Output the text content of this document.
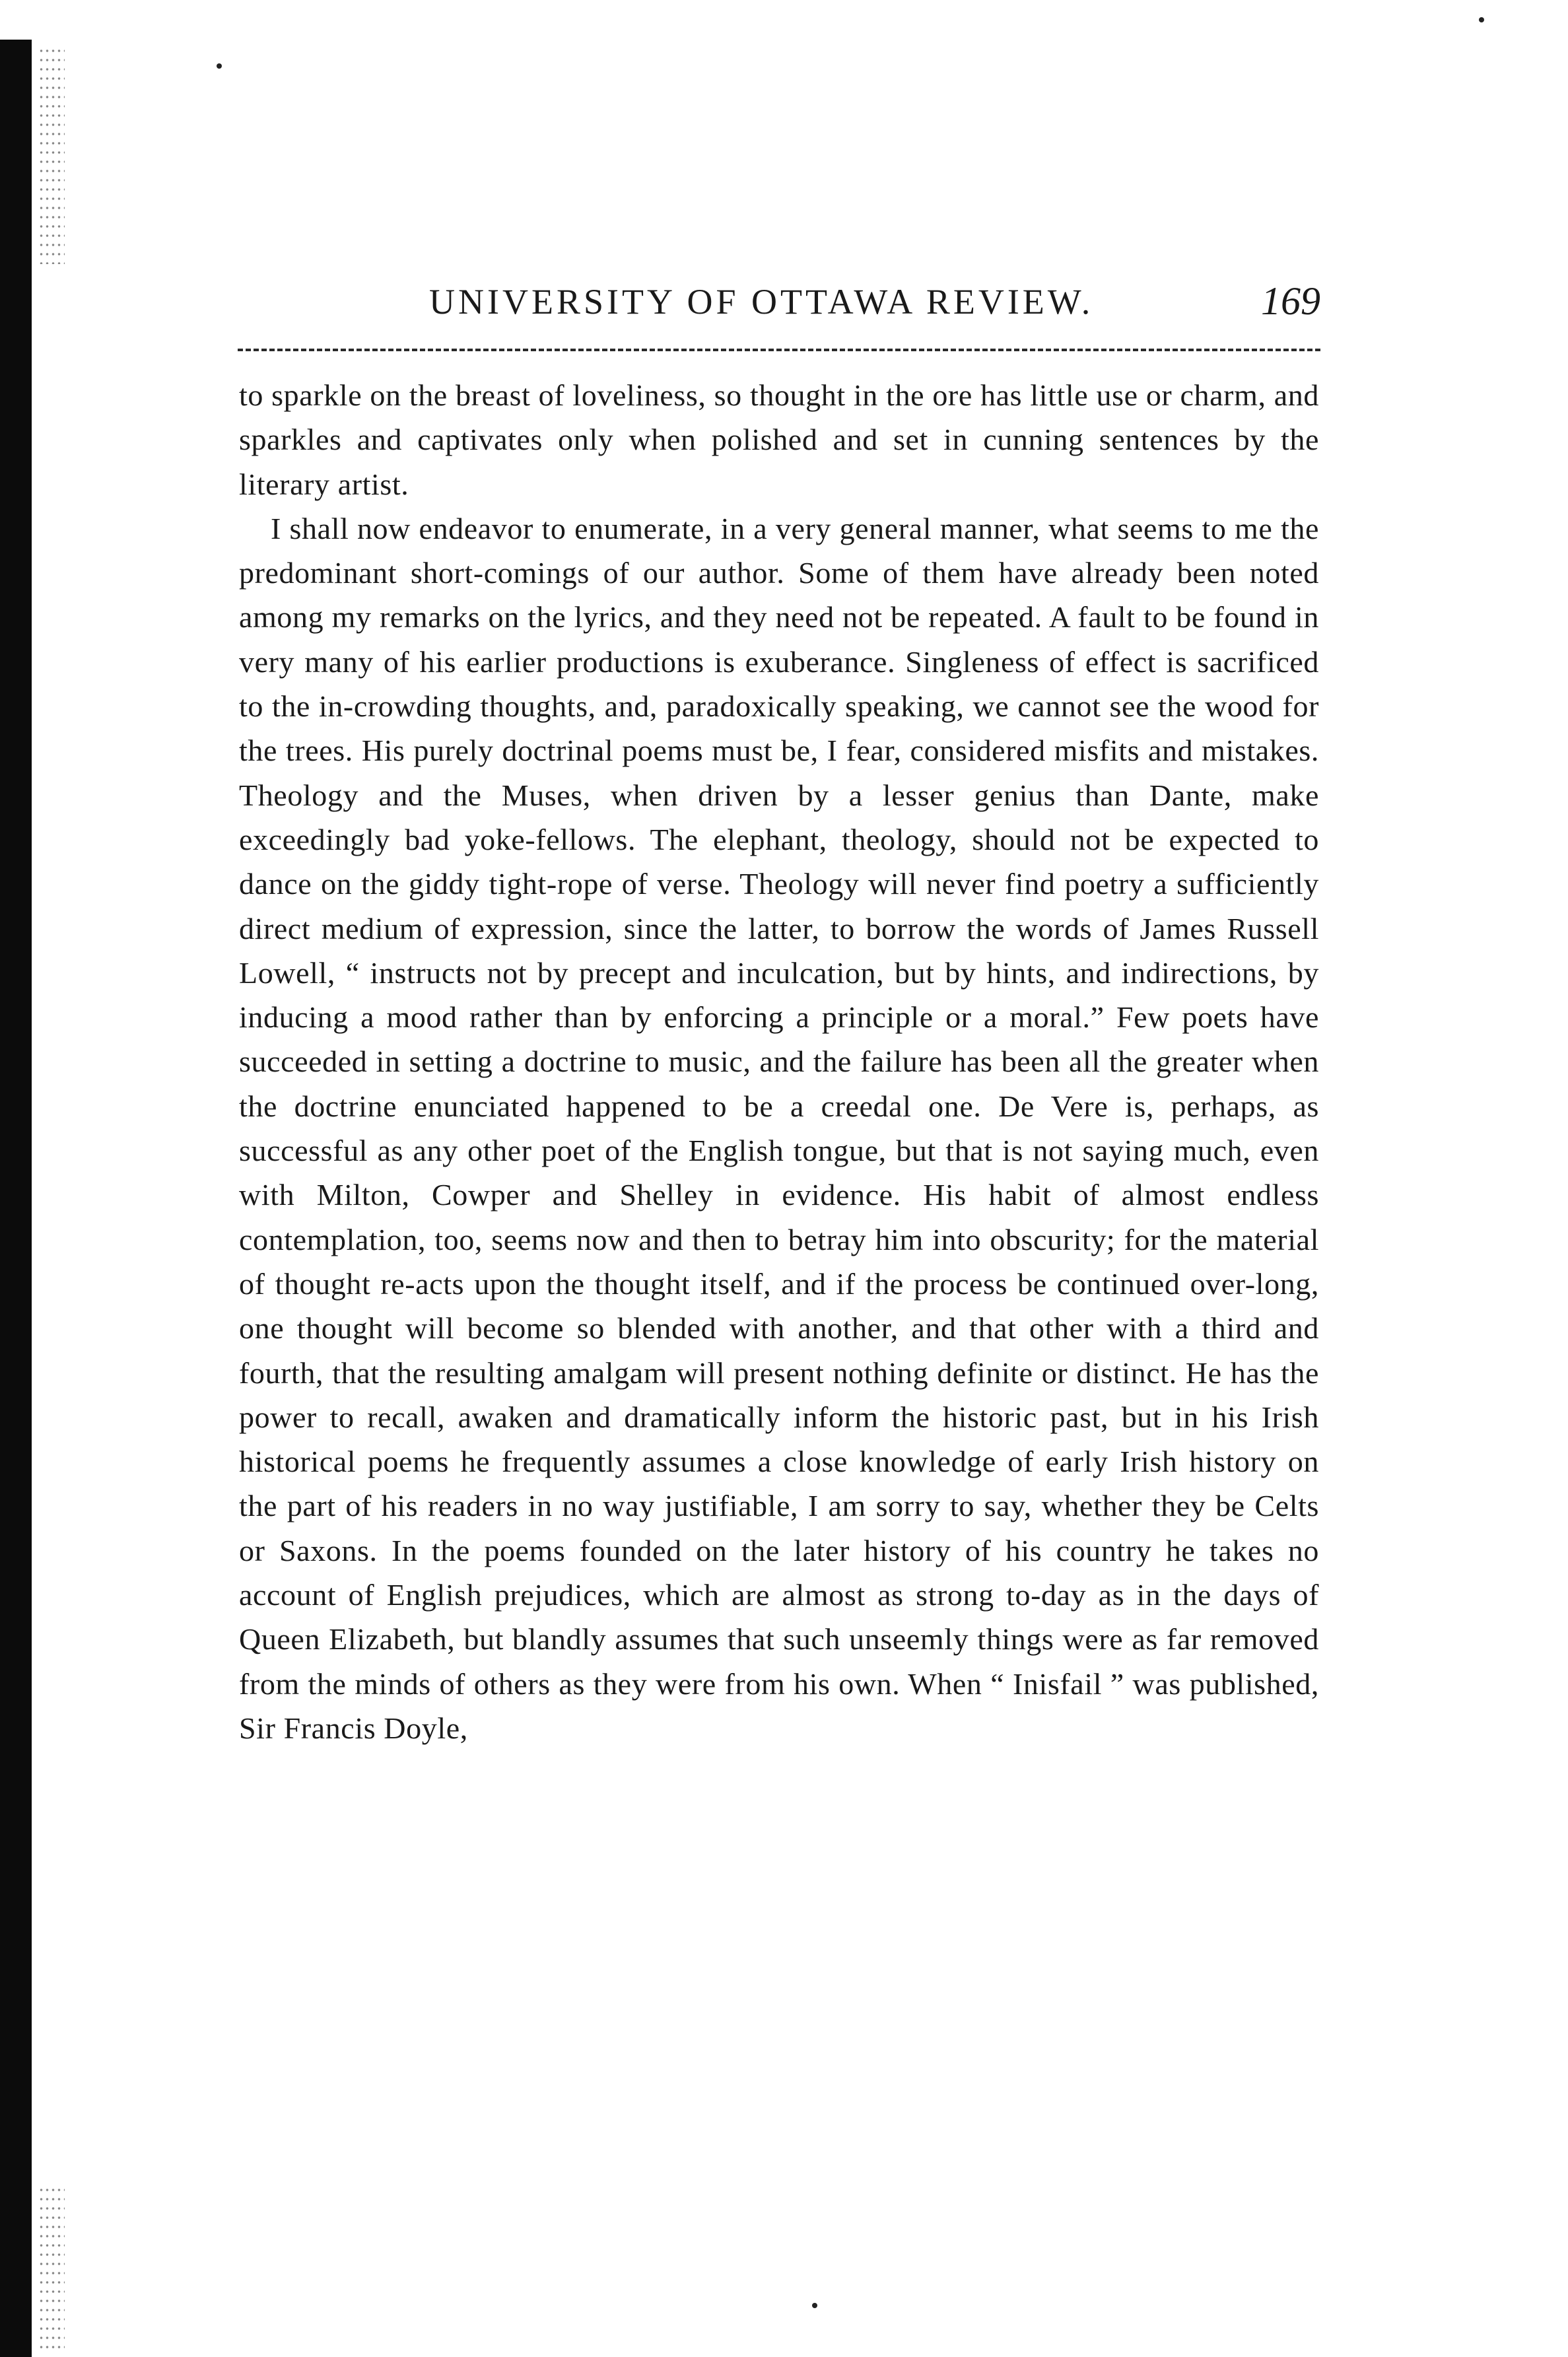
UNIVERSITY OF OTTAWA REVIEW.	169

to sparkle on the breast of loveliness, so thought in the ore has little use or charm, and sparkles and captivates only when polished and set in cunning sentences by the literary artist.

I shall now endeavor to enumerate, in a very general manner, what seems to me the predominant short-comings of our author. Some of them have already been noted among my remarks on the lyrics, and they need not be repeated. A fault to be found in very many of his earlier productions is exuberance. Singleness of effect is sacrificed to the in-crowding thoughts, and, paradoxically speaking, we cannot see the wood for the trees. His purely doctrinal poems must be, I fear, considered misfits and mistakes. Theology and the Muses, when driven by a lesser genius than Dante, make exceedingly bad yoke-fellows. The elephant, theology, should not be expected to dance on the giddy tight-rope of verse. Theology will never find poetry a sufficiently direct medium of expression, since the latter, to borrow the words of James Russell Lowell, “ instructs not by precept and inculcation, but by hints, and indirections, by inducing a mood rather than by enforcing a principle or a moral.” Few poets have succeeded in setting a doctrine to music, and the failure has been all the greater when the doctrine enunciated happened to be a creedal one. De Vere is, perhaps, as successful as any other poet of the English tongue, but that is not saying much, even with Milton, Cowper and Shelley in evidence. His habit of almost endless contemplation, too, seems now and then to betray him into obscurity; for the material of thought re-acts upon the thought itself, and if the process be continued over-long, one thought will become so blended with another, and that other with a third and fourth, that the resulting amalgam will present nothing definite or distinct. He has the power to recall, awaken and dramatically inform the historic past, but in his Irish historical poems he frequently assumes a close knowledge of early Irish history on the part of his readers in no way justifiable, I am sorry to say, whether they be Celts or Saxons. In the poems founded on the later history of his country he takes no account of English prejudices, which are almost as strong to-day as in the days of Queen Elizabeth, but blandly assumes that such unseemly things were as far removed from the minds of others as they were from his own. When “ Inisfail ” was published, Sir Francis Doyle,
